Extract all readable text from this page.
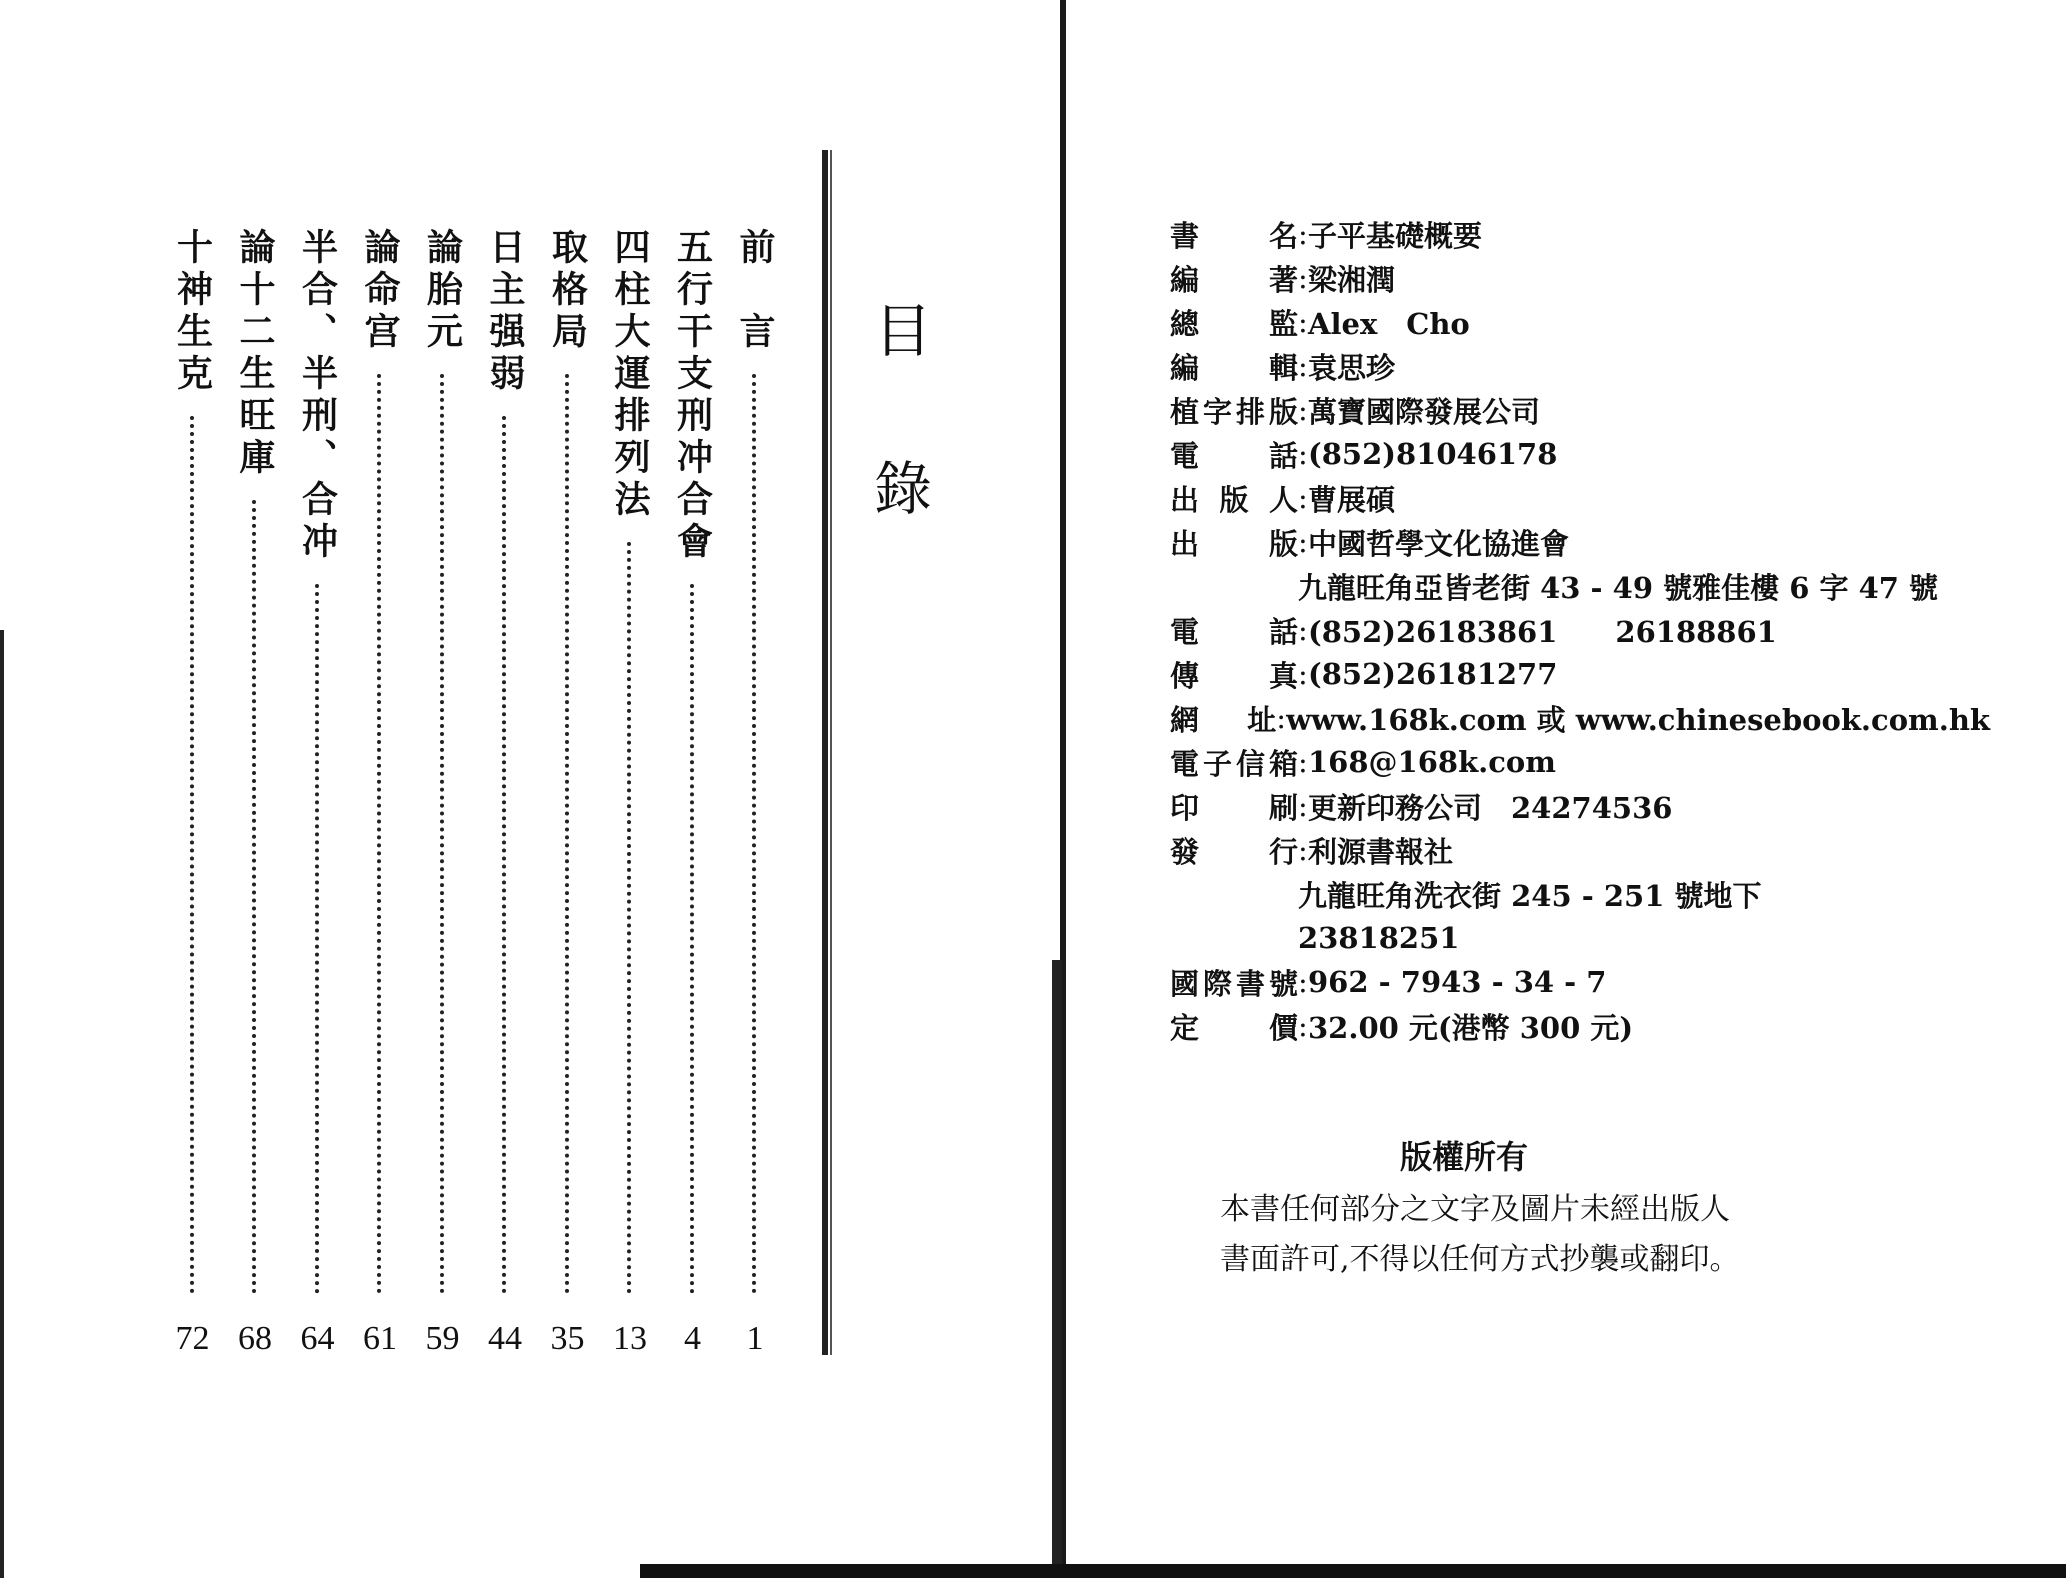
前　言
1
五行干支刑冲合會
4
四柱大運排列法
13
取格局
35
日主强弱
44
論胎元
59
論命宫
61
半合、半刑、合冲
64
論十二生旺庫
68
十神生克
72
目錄
書 名 : 子平基礎概要
編 著 : 梁湘潤
總 監 : Alex　Cho
編 輯 : 袁思珍
植 字 排 版 : 萬寶國際發展公司
電 話 : (852)81046178
出 版 人 : 曹展碩
出 版 : 中國哲學文化協進會
九龍旺角亞皆老街 43 - 49 號雅佳樓 6 字 47 號
電 話 : (852)26183861　　26188861
傳 真 : (852)26181277
網 址 : www.168k.com 或 www.chinesebook.com.hk
電 子 信 箱 : 168@168k.com
印 刷 : 更新印務公司　24274536
發 行 : 利源書報社
九龍旺角洗衣街 245 - 251 號地下
23818251
國 際 書 號 : 962 - 7943 - 34 - 7
定 價 : 32.00 元(港幣 300 元)
版權所有
本書任何部分之文字及圖片未經出版人
書面許可,不得以任何方式抄襲或翻印。
